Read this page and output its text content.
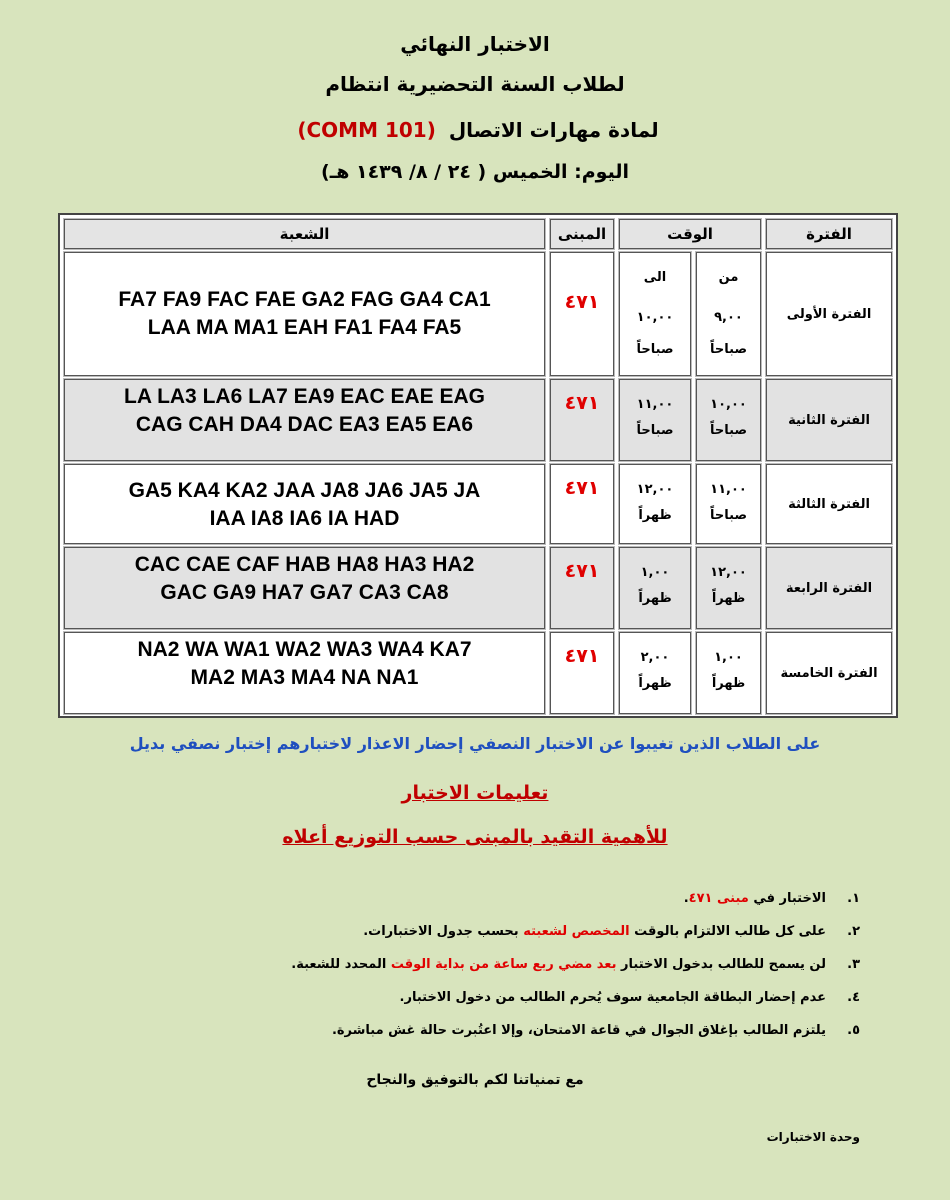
الاختبار النهائي
لطلاب السنة التحضيرية انتظام
لمادة مهارات الاتصال (COMM 101)
اليوم: الخميس ( ٢٤ / ٨/ ١٤٣٩ هـ)
الفترة
الوقت
المبنى
الشعبة
الفترة الأولى
من
٩,٠٠
صباحاً
الى
١٠,٠٠
صباحاً
٤٧١
FA7 FA9 FAC FAE GA2 FAG GA4 CA1
LAA MA MA1 EAH FA1 FA4 FA5
الفترة الثانية
١٠,٠٠
صباحاً
١١,٠٠
صباحاً
٤٧١
LA LA3 LA6 LA7 EA9 EAC EAE EAG
CAG CAH DA4 DAC EA3 EA5 EA6
الفترة الثالثة
١١,٠٠
صباحاً
١٢,٠٠
ظهراً
٤٧١
GA5 KA4 KA2 JAA JA8 JA6 JA5 JA
IAA IA8 IA6 IA HAD
الفترة الرابعة
١٢,٠٠
ظهراً
١,٠٠
ظهراً
٤٧١
CAC CAE CAF HAB HA8 HA3 HA2
GAC GA9 HA7 GA7 CA3 CA8
الفترة الخامسة
١,٠٠
ظهراً
٢,٠٠
ظهراً
٤٧١
NA2 WA WA1 WA2 WA3 WA4 KA7
MA2 MA3 MA4 NA NA1
على الطلاب الذين تغيبوا عن الاختبار النصفي إحضار الاعذار لاختبارهم إختبار نصفي بديل
تعليمات الاختبار
للأهمية التقيد بالمبنى حسب التوزيع أعلاه
١.
الاختبار في مبنى ٤٧١.
٢.
على كل طالب الالتزام بالوقت المخصص لشعبته بحسب جدول الاختبارات.
٣.
لن يسمح للطالب بدخول الاختبار بعد مضي ربع ساعة من بداية الوقت المحدد للشعبة.
٤.
عدم إحضار البطاقة الجامعية سوف يُحرم الطالب من دخول الاختبار.
٥.
يلتزم الطالب بإغلاق الجوال في قاعة الامتحان، وإلا اعتُبرت حالة غش مباشرة.
مع تمنياتنا لكم بالتوفيق والنجاح
وحدة الاختبارات
